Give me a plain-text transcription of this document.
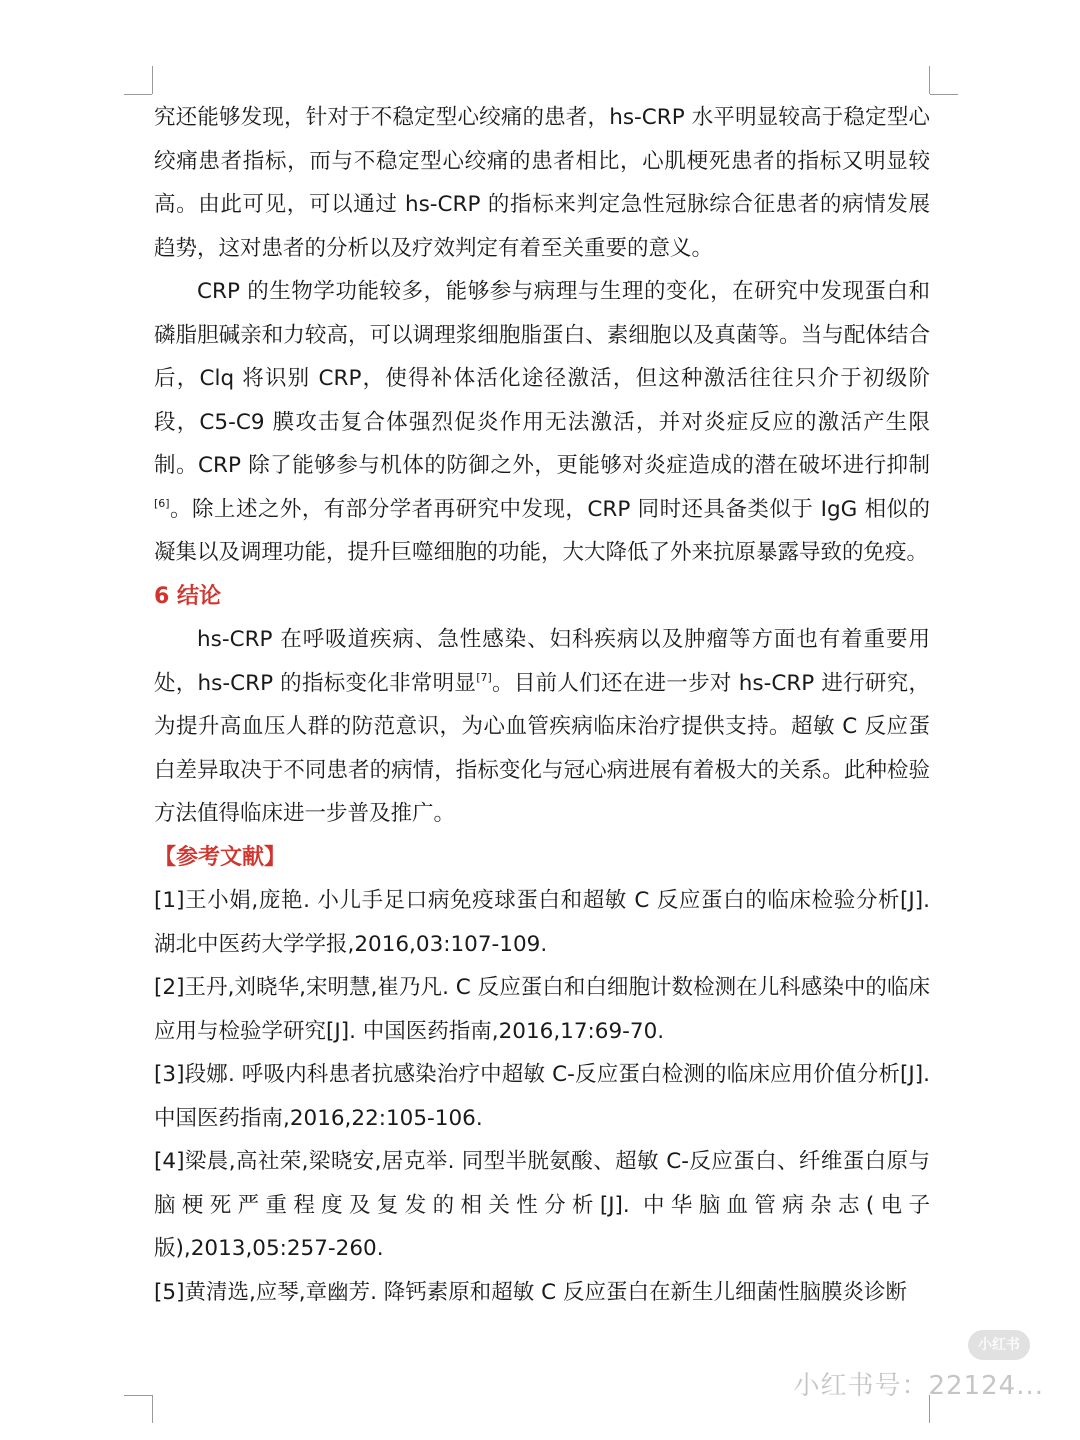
究还能够发现，针对于不稳定型心绞痛的患者，hs-CRP 水平明显较高于稳定型心绞痛患者指标，而与不稳定型心绞痛的患者相比，心肌梗死患者的指标又明显较高。由此可见，可以通过 hs-CRP 的指标来判定急性冠脉综合征患者的病情发展趋势，这对患者的分析以及疗效判定有着至关重要的意义。

CRP 的生物学功能较多，能够参与病理与生理的变化，在研究中发现蛋白和磷脂胆碱亲和力较高，可以调理浆细胞脂蛋白、素细胞以及真菌等。当与配体结合后，Clq 将识别 CRP，使得补体活化途径激活，但这种激活往往只介于初级阶段，C5-C9 膜攻击复合体强烈促炎作用无法激活，并对炎症反应的激活产生限制。CRP 除了能够参与机体的防御之外，更能够对炎症造成的潜在破坏进行抑制[6]。除上述之外，有部分学者再研究中发现，CRP 同时还具备类似于 IgG 相似的凝集以及调理功能，提升巨噬细胞的功能，大大降低了外来抗原暴露导致的免疫。

6 结论

hs-CRP 在呼吸道疾病、急性感染、妇科疾病以及肿瘤等方面也有着重要用处，hs-CRP 的指标变化非常明显[7]。目前人们还在进一步对 hs-CRP 进行研究，为提升高血压人群的防范意识，为心血管疾病临床治疗提供支持。超敏 C 反应蛋白差异取决于不同患者的病情，指标变化与冠心病进展有着极大的关系。此种检验方法值得临床进一步普及推广。

【参考文献】

[1]王小娟,庞艳. 小儿手足口病免疫球蛋白和超敏 C 反应蛋白的临床检验分析[J]. 湖北中医药大学学报,2016,03:107-109.

[2]王丹,刘晓华,宋明慧,崔乃凡. C 反应蛋白和白细胞计数检测在儿科感染中的临床应用与检验学研究[J]. 中国医药指南,2016,17:69-70.

[3]段娜. 呼吸内科患者抗感染治疗中超敏 C-反应蛋白检测的临床应用价值分析[J]. 中国医药指南,2016,22:105-106.

[4]梁晨,高社荣,梁晓安,居克举. 同型半胱氨酸、超敏 C-反应蛋白、纤维蛋白原与脑梗死严重程度及复发的相关性分析[J]. 中华脑血管病杂志(电子版),2013,05:257-260.

[5]黄清选,应琴,章幽芳. 降钙素原和超敏 C 反应蛋白在新生儿细菌性脑膜炎诊断

小红书
小红书号：22124...
